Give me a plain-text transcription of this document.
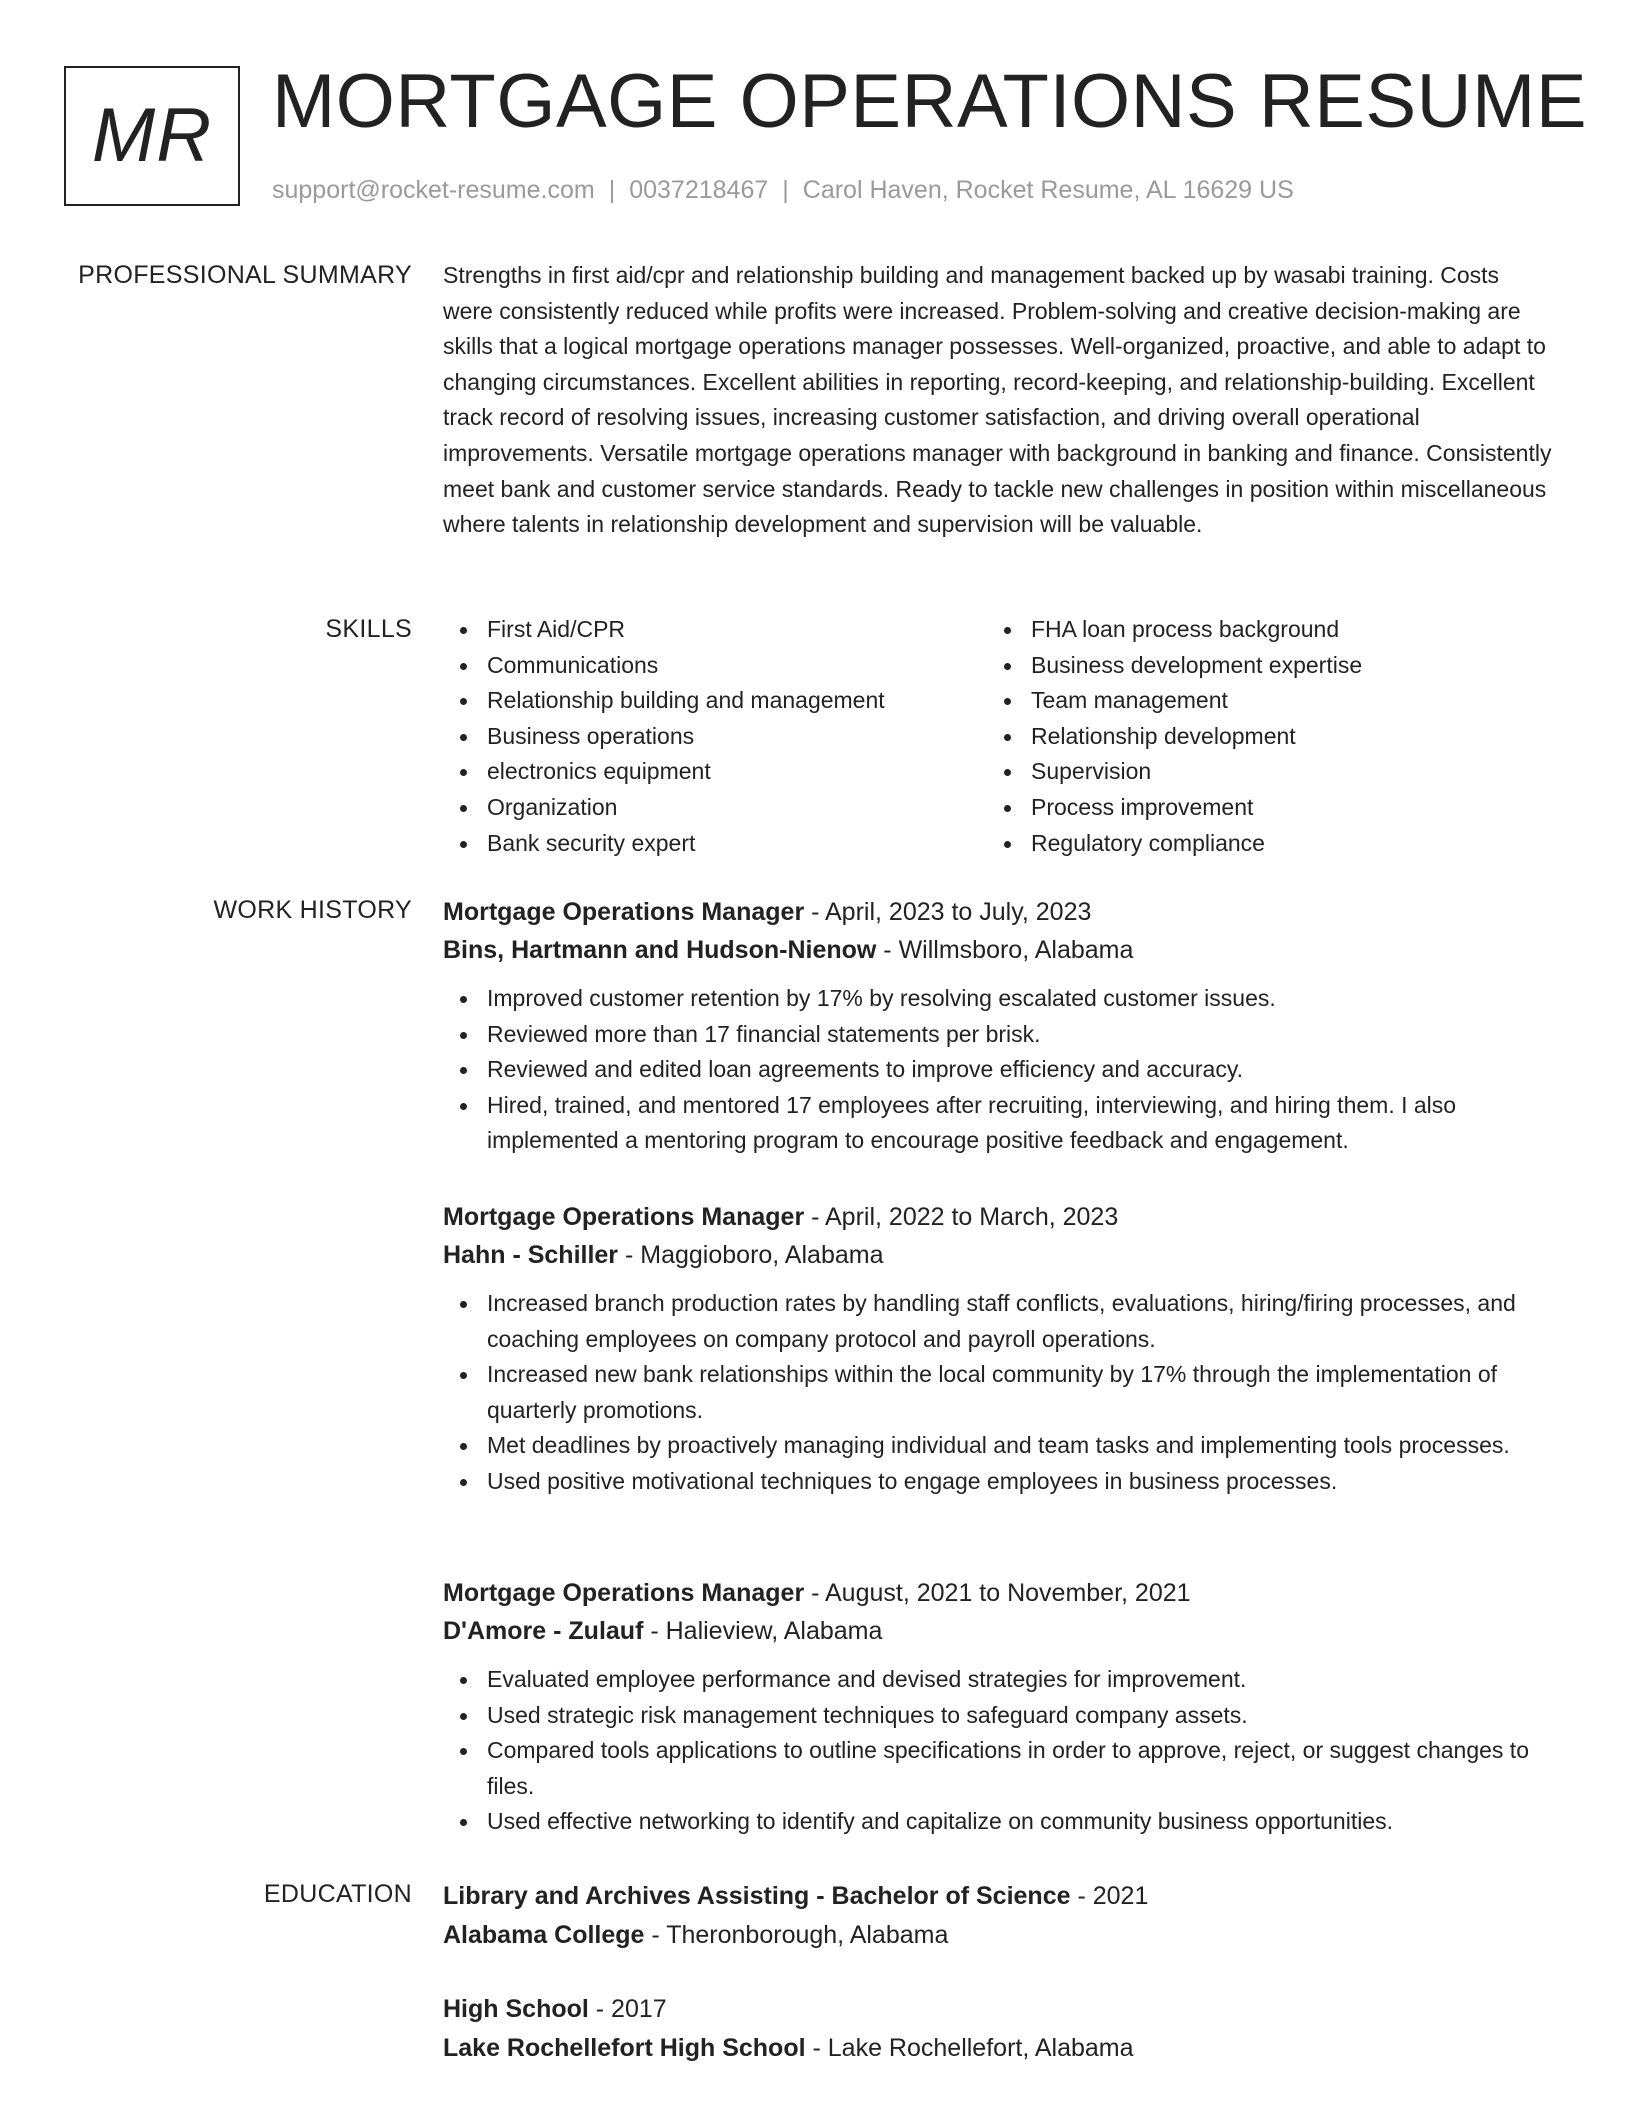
MR MORTGAGE OPERATIONS RESUME
support@rocket-resume.com | 0037218467 | Carol Haven, Rocket Resume, AL 16629 US
PROFESSIONAL SUMMARY Strengths in first aid/cpr and relationship building and management backed up by wasabi training. Costs were consistently reduced while profits were increased. Problem-solving and creative decision-making are skills that a logical mortgage operations manager possesses. Well-organized, proactive, and able to adapt to changing circumstances. Excellent abilities in reporting, record-keeping, and relationship-building. Excellent track record of resolving issues, increasing customer satisfaction, and driving overall operational improvements. Versatile mortgage operations manager with background in banking and finance. Consistently meet bank and customer service standards. Ready to tackle new challenges in position within miscellaneous where talents in relationship development and supervision will be valuable.

SKILLS	First Aid/CPR
Communications
Relationship building and management
Business operations
electronics equipment
Organization
Bank security expert
FHA loan process background
Business development expertise
Team management
Relationship development
Supervision
Process improvement
Regulatory compliance
WORK HISTORY Mortgage Operations Manager - April, 2023 to July, 2023
Bins, Hartmann and Hudson-Nienow - Willmsboro, Alabama
Improved customer retention by 17% by resolving escalated customer issues.
Reviewed more than 17 financial statements per brisk.
Reviewed and edited loan agreements to improve efficiency and accuracy.
Hired, trained, and mentored 17 employees after recruiting, interviewing, and hiring them. I also implemented a mentoring program to encourage positive feedback and engagement.
Mortgage Operations Manager - April, 2022 to March, 2023
Hahn - Schiller - Maggioboro, Alabama
Increased branch production rates by handling staff conflicts, evaluations, hiring/firing processes, and coaching employees on company protocol and payroll operations.
Increased new bank relationships within the local community by 17% through the implementation of quarterly promotions.
Met deadlines by proactively managing individual and team tasks and implementing tools processes.
Used positive motivational techniques to engage employees in business processes.
Mortgage Operations Manager - August, 2021 to November, 2021
D'Amore - Zulauf - Halieview, Alabama
Evaluated employee performance and devised strategies for improvement.
Used strategic risk management techniques to safeguard company assets.
Compared tools applications to outline specifications in order to approve, reject, or suggest changes to files.
Used effective networking to identify and capitalize on community business opportunities.
EDUCATION Library and Archives Assisting - Bachelor of Science - 2021
Alabama College - Theronborough, Alabama
High School - 2017
Lake Rochellefort High School - Lake Rochellefort, Alabama
